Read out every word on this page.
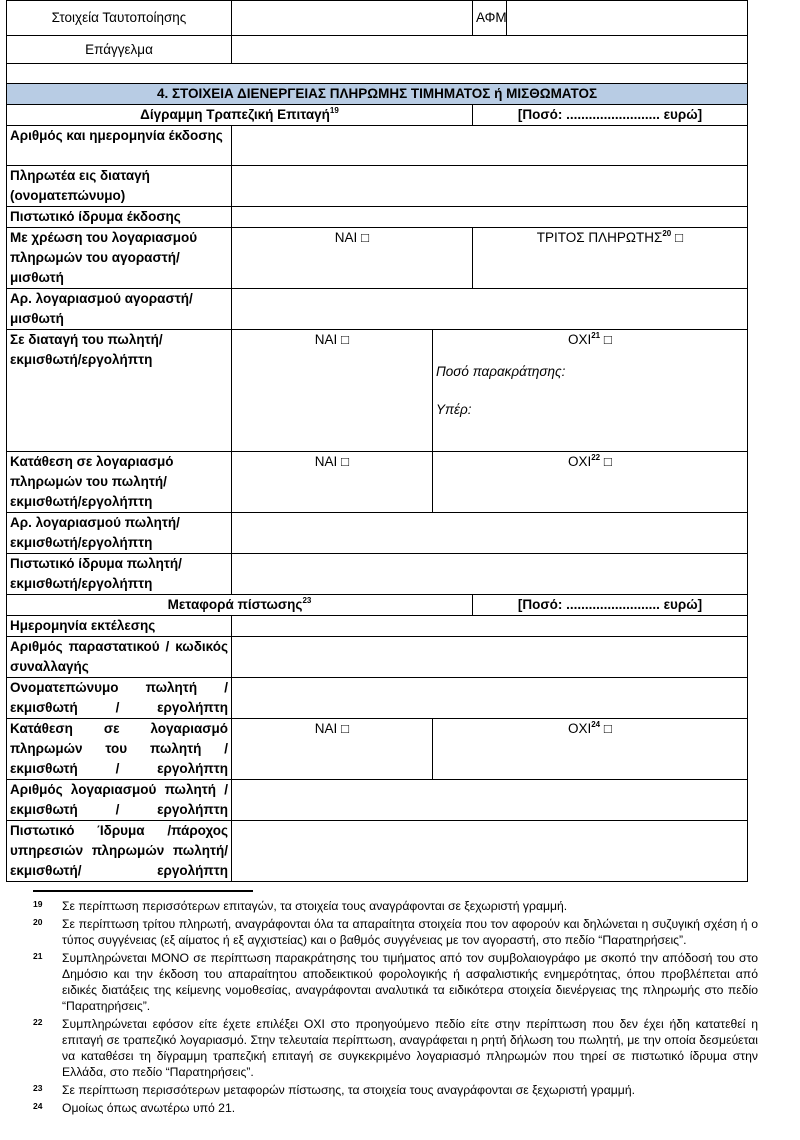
Στοιχεία Ταυτοποίησης			ΑΦΜ	
Επάγγελμα				

4. ΣΤΟΙΧΕΙΑ ΔΙΕΝΕΡΓΕΙΑΣ ΠΛΗΡΩΜΗΣ ΤΙΜΗΜΑΤΟΣ ή ΜΙΣΘΩΜΑΤΟΣ				
Δίγραμμη Τραπεζική Επιταγή$^{19}$			[Ποσό: ......................... ευρώ]	
Αριθμός και ημερομηνία έκδοσης				
Πληρωτέα εις διαταγή (ονοματεπώνυμο)				
Πιστωτικό ίδρυμα έκδοσης				
Με χρέωση του λογαριασμού πληρωμών του αγοραστή/μισθωτή	ΝΑΙ □		ΤΡΙΤΟΣ ΠΛΗΡΩΤΗΣ$^{20}$ □	
Αρ. λογαριασμού αγοραστή/μισθωτή				
Σε διαταγή του πωλητή/ εκμισθωτή/εργολήπτη	ΝΑΙ □	ΟΧΙ$^{21}$ □
Ποσό παρακράτησης:
Υπέρ:		

Κατάθεση σε λογαριασμό πληρωμών του πωλητή/ εκμισθωτή/εργολήπτη	ΝΑΙ □	ΟΧΙ$^{22}$ □		
Αρ. λογαριασμού πωλητή/ εκμισθωτή/εργολήπτη				
Πιστωτικό ίδρυμα πωλητή/ εκμισθωτή/εργολήπτη				
Μεταφορά πίστωσης$^{23}$			[Ποσό: ......................... ευρώ]	
Ημερομηνία εκτέλεσης				
Αριθμός παραστατικού / κωδικός συναλλαγής				
Ονοματεπώνυμο πωλητή /εκμισθωτή / εργολήπτη				
Κατάθεση σε λογαριασμό πληρωμών του πωλητή / εκμισθωτή / εργολήπτη	ΝΑΙ □	ΟΧΙ$^{24}$ □		
Αριθμός λογαριασμού πωλητή / εκμισθωτή / εργολήπτη				
Πιστωτικό Ίδρυμα /πάροχος υπηρεσιών πληρωμών πωλητή/εκμισθωτή/ εργολήπτη				
19	Σε περίπτωση περισσότερων επιταγών, τα στοιχεία τους αναγράφονται σε ξεχωριστή γραμμή.
20	Σε περίπτωση τρίτου πληρωτή, αναγράφονται όλα τα απαραίτητα στοιχεία που τον αφορούν και δηλώνεται η συζυγική σχέση ή ο τύπος συγγένειας (εξ αίματος ή εξ αγχιστείας) και ο βαθμός συγγένειας με τον αγοραστή, στο πεδίο “Παρατηρήσεις”.
21	Συμπληρώνεται ΜΟΝΟ σε περίπτωση παρακράτησης του τιμήματος από τον συμβολαιογράφο με σκοπό την απόδοσή του στο Δημόσιο και την έκδοση του απαραίτητου αποδεικτικού φορολογικής ή ασφαλιστικής ενημερότητας, όπου προβλέπεται από ειδικές διατάξεις της κείμενης νομοθεσίας, αναγράφονται αναλυτικά τα ειδικότερα στοιχεία διενέργειας της πληρωμής στο πεδίο “Παρατηρήσεις”.
22	Συμπληρώνεται εφόσον είτε έχετε επιλέξει ΟΧΙ στο προηγούμενο πεδίο είτε στην περίπτωση που δεν έχει ήδη κατατεθεί η επιταγή σε τραπεζικό λογαριασμό. Στην τελευταία περίπτωση, αναγράφεται η ρητή δήλωση του πωλητή, με την οποία δεσμεύεται να καταθέσει τη δίγραμμη τραπεζική επιταγή σε συγκεκριμένο λογαριασμό πληρωμών που τηρεί σε πιστωτικό ίδρυμα στην Ελλάδα, στο πεδίο “Παρατηρήσεις”.
23	Σε περίπτωση περισσότερων μεταφορών πίστωσης, τα στοιχεία τους αναγράφονται σε ξεχωριστή γραμμή.
24	Ομοίως όπως ανωτέρω υπό 21.
